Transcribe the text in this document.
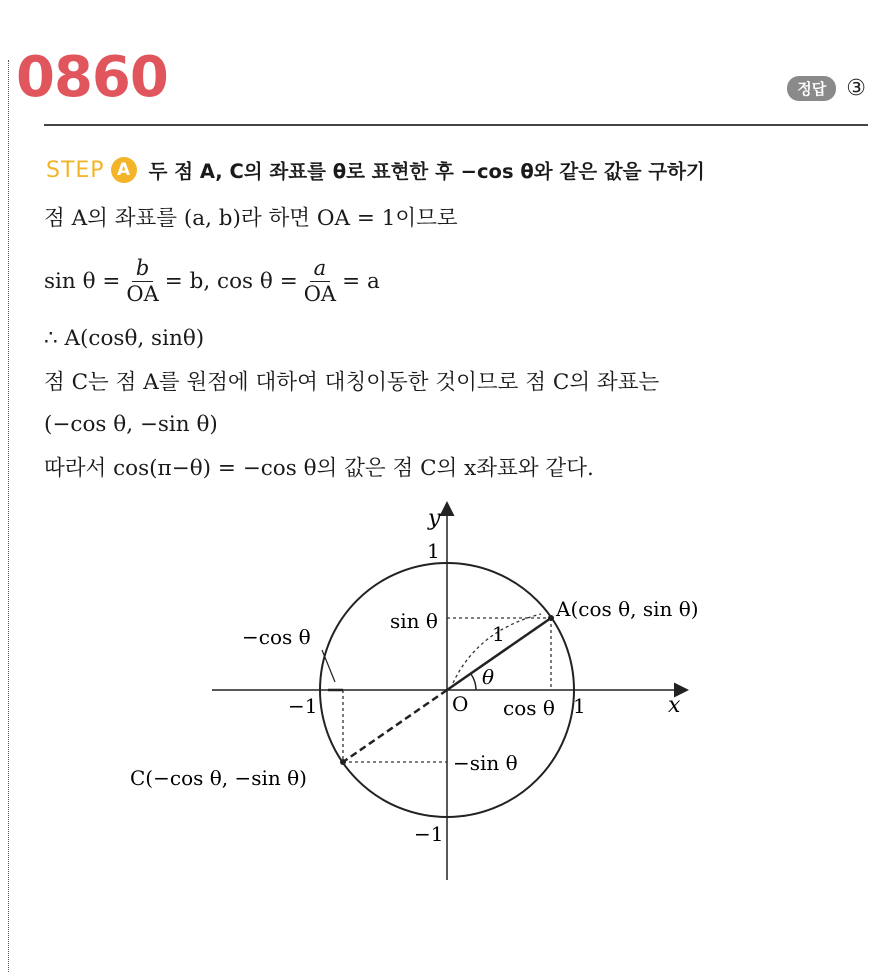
0860	정답 ③
STEP A 두 점 A, C의 좌표를 θ로 표현한 후 −cos θ와 같은 값을 구하기
점 A의 좌표를 (a, b)라 하면 OA = 1이므로
$\sin \theta = \frac{b}{OA} = b$, $\cos \theta = \frac{a}{OA} = a$
∴ A(cosθ, sinθ)
점 C는 점 A를 원점에 대하여 대칭이동한 것이므로 점 C의 좌표는
(−cos θ, −sin θ)
따라서 cos(π−θ) = −cos θ의 값은 점 C의 x좌표와 같다.
y
x
O
1
−1
1
−1
sin θ
−sin θ
cos θ
−cos θ	1
θ
A(cos θ, sin θ)
C(−cos θ, −sin θ)
